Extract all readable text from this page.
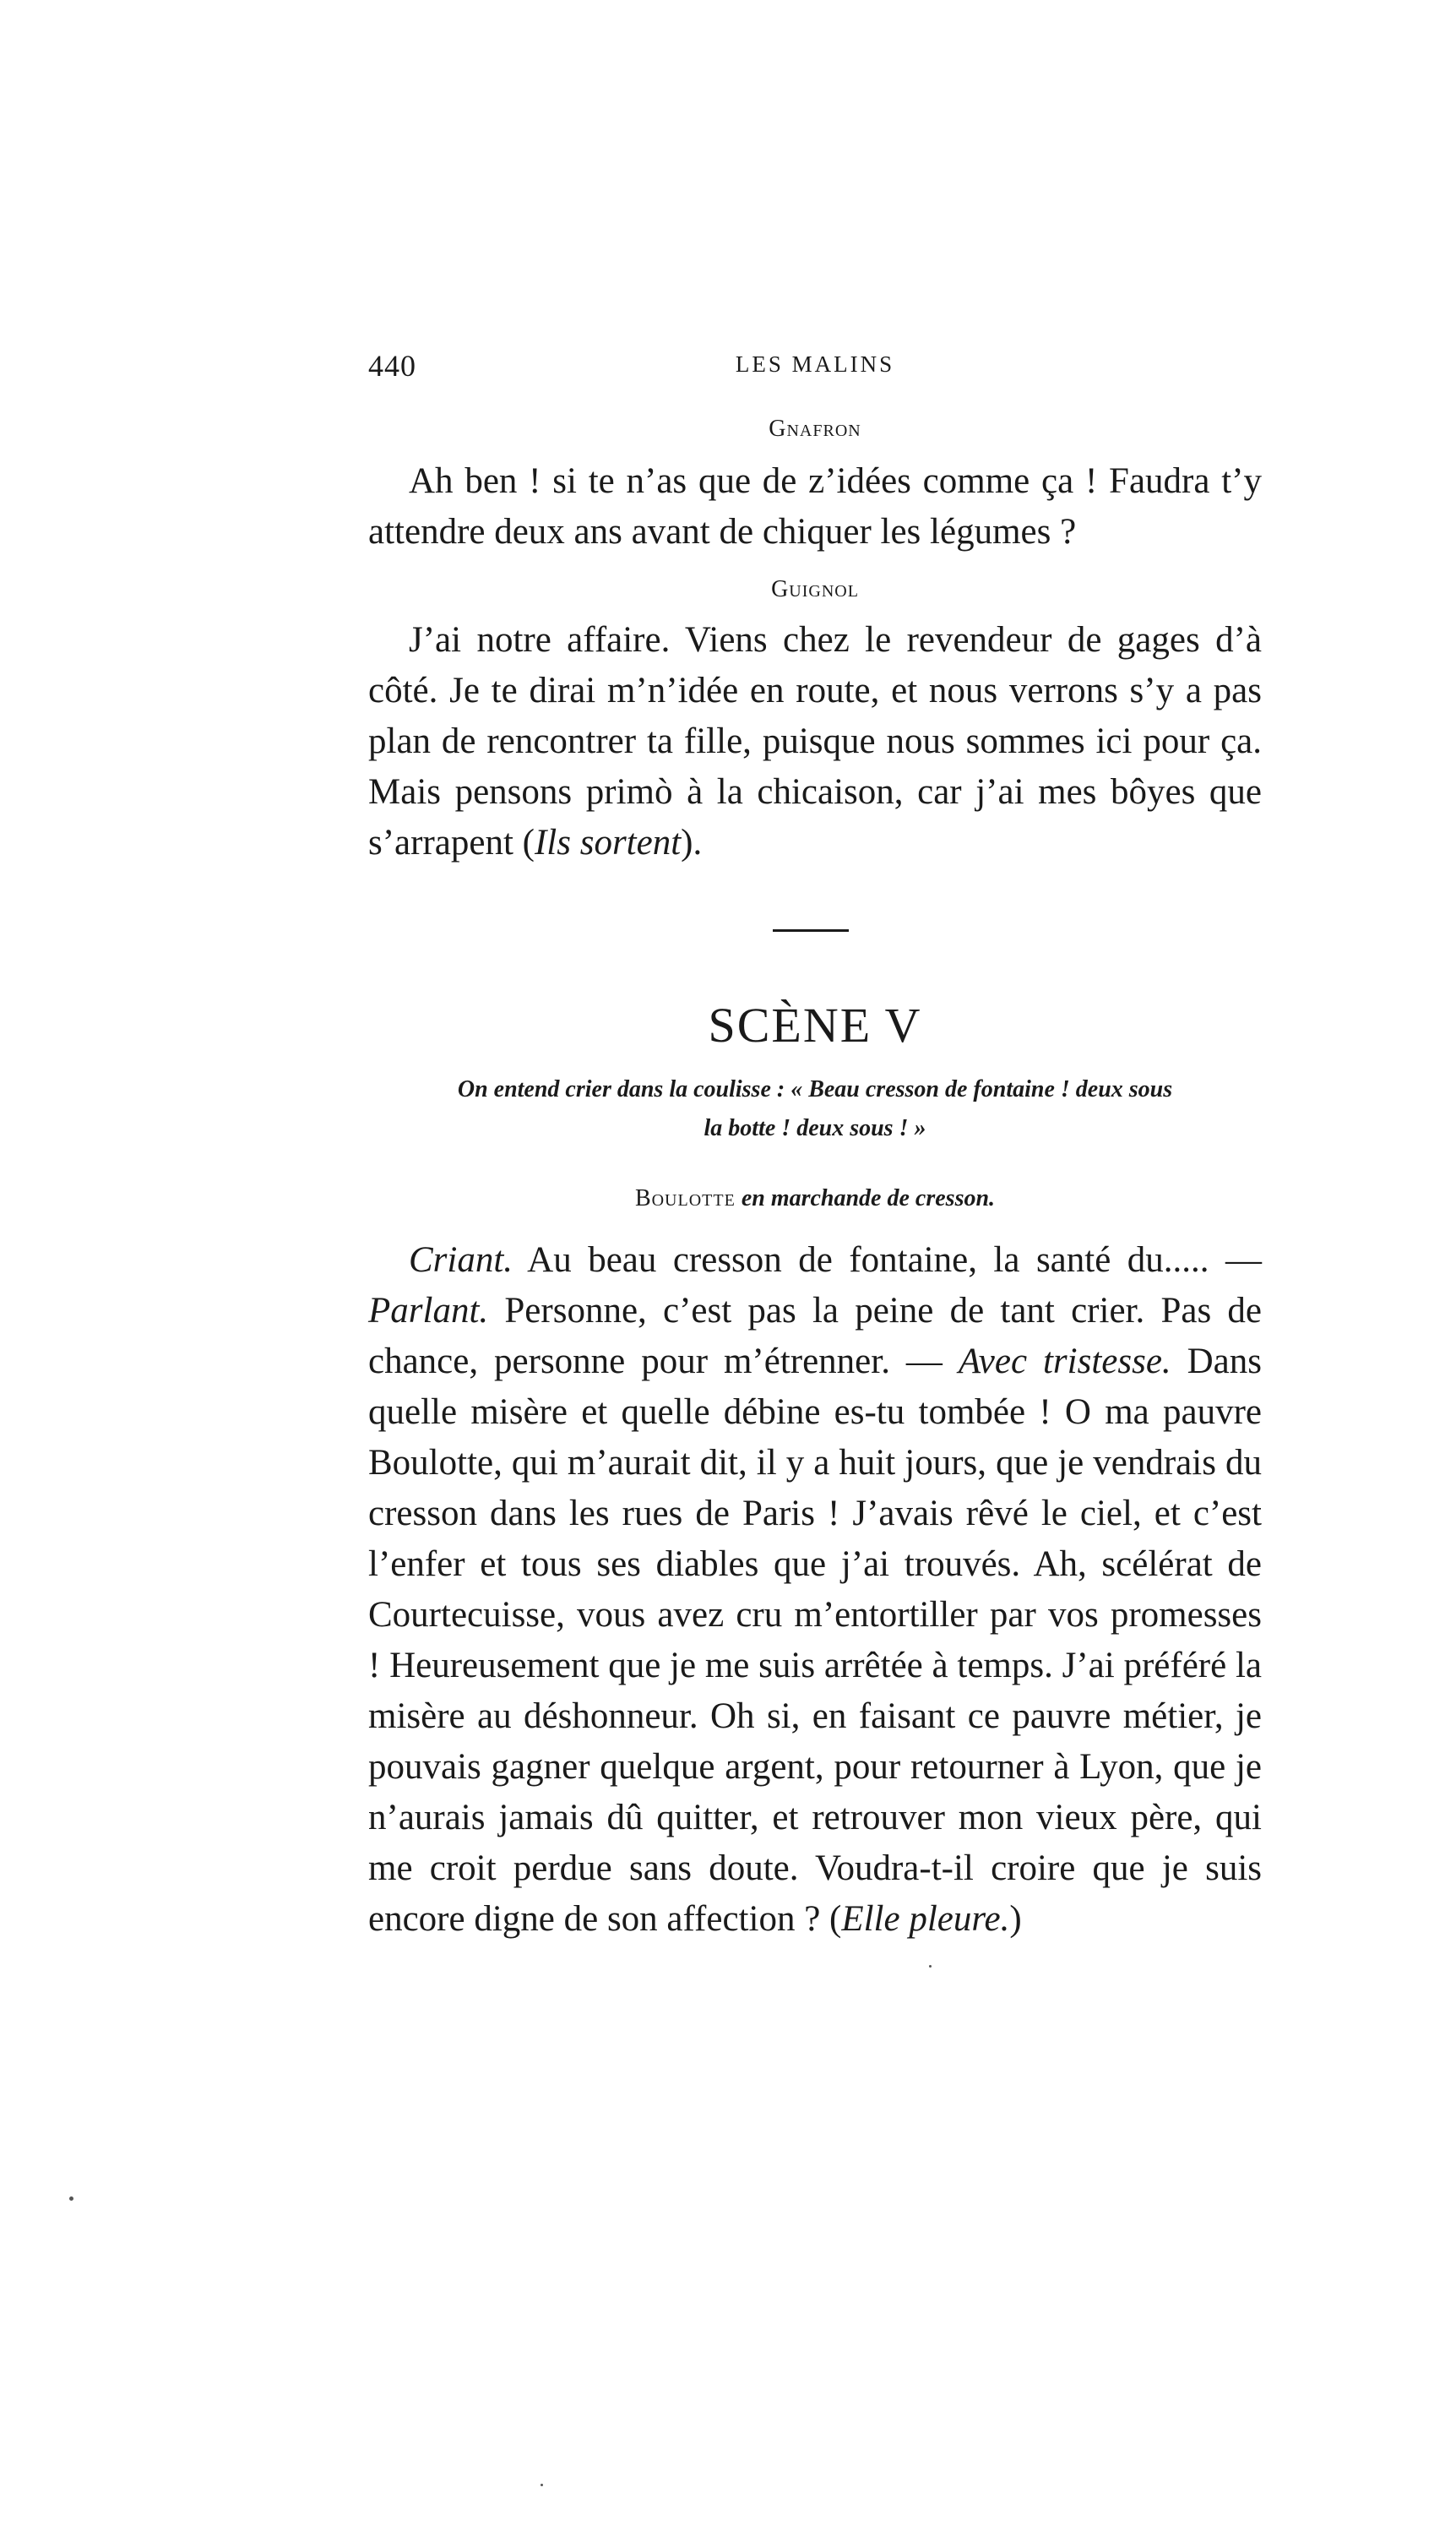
440	LES MALINS
Gnafron

Ah ben ! si te n’as que de z’idées comme ça ! Faudra t’y attendre deux ans avant de chiquer les légumes ?

Guignol

J’ai notre affaire. Viens chez le revendeur de gages d’à côté. Je te dirai m’n’idée en route, et nous verrons s’y a pas plan de rencontrer ta fille, puisque nous sommes ici pour ça. Mais pensons primò à la chicaison, car j’ai mes bôyes que s’arrapent (Ils sortent).

SCÈNE V
On entend crier dans la coulisse : « Beau cresson de fontaine ! deux sous
la botte ! deux sous ! »
Boulotte en marchande de cresson.

Criant. Au beau cresson de fontaine, la santé du..... — Parlant. Personne, c’est pas la peine de tant crier. Pas de chance, personne pour m’étrenner. — Avec tristesse. Dans quelle misère et quelle débine es-tu tombée ! O ma pauvre Boulotte, qui m’aurait dit, il y a huit jours, que je vendrais du cresson dans les rues de Paris ! J’avais rêvé le ciel, et c’est l’enfer et tous ses diables que j’ai trouvés. Ah, scélérat de Courtecuisse, vous avez cru m’entortiller par vos promesses ! Heureusement que je me suis arrêtée à temps. J’ai préféré la misère au déshonneur. Oh si, en faisant ce pauvre métier, je pouvais gagner quelque argent, pour retourner à Lyon, que je n’aurais jamais dû quitter, et retrouver mon vieux père, qui me croit perdue sans doute. Voudra-t-il croire que je suis encore digne de son affection ? (Elle pleure.)
